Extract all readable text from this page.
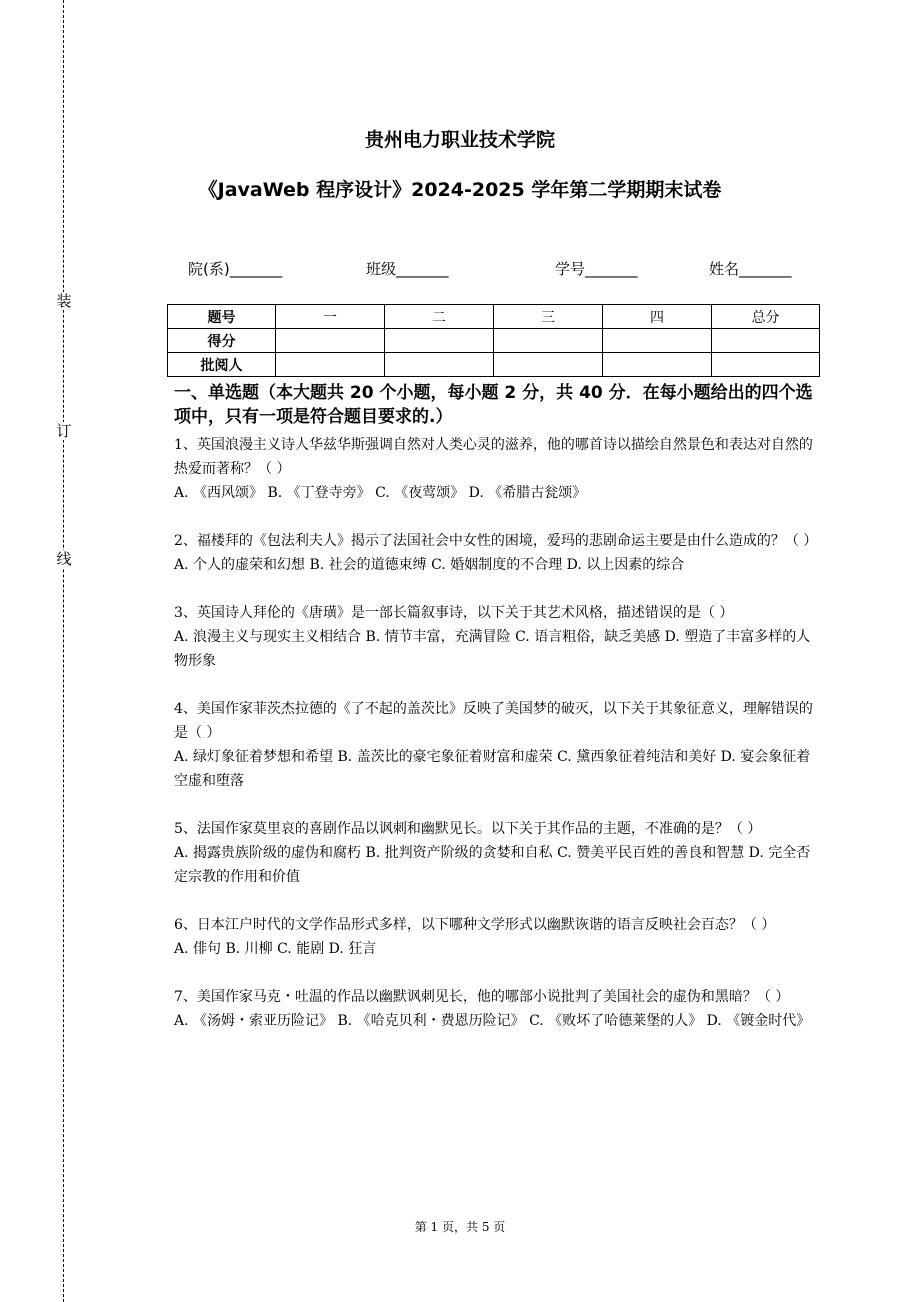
装
订
线
贵州电力职业技术学院
《JavaWeb 程序设计》2024-2025 学年第二学期期末试卷
院(系)_______	班级_______	学号_______	姓名_______
题号	一	二	三	四	总分
得分					
批阅人					

一、单选题（本大题共 20 个小题，每小题 2 分，共 40 分．在每小题给出的四个选项中，只有一项是符合题目要求的.）

1、英国浪漫主义诗人华兹华斯强调自然对人类心灵的滋养，他的哪首诗以描绘自然景色和表达对自然的热爱而著称？（ ）

A. 《西风颂》 B. 《丁登寺旁》 C. 《夜莺颂》 D. 《希腊古瓮颂》

2、福楼拜的《包法利夫人》揭示了法国社会中女性的困境，爱玛的悲剧命运主要是由什么造成的？（ ）

A. 个人的虚荣和幻想 B. 社会的道德束缚 C. 婚姻制度的不合理 D. 以上因素的综合

3、英国诗人拜伦的《唐璜》是一部长篇叙事诗，以下关于其艺术风格，描述错误的是（ ）

A. 浪漫主义与现实主义相结合 B. 情节丰富，充满冒险 C. 语言粗俗，缺乏美感 D. 塑造了丰富多样的人物形象

4、美国作家菲茨杰拉德的《了不起的盖茨比》反映了美国梦的破灭，以下关于其象征意义，理解错误的是（ ）

A. 绿灯象征着梦想和希望 B. 盖茨比的豪宅象征着财富和虚荣 C. 黛西象征着纯洁和美好 D. 宴会象征着空虚和堕落

5、法国作家莫里哀的喜剧作品以讽刺和幽默见长。以下关于其作品的主题，不准确的是？（ ）

A. 揭露贵族阶级的虚伪和腐朽 B. 批判资产阶级的贪婪和自私 C. 赞美平民百姓的善良和智慧 D. 完全否定宗教的作用和价值

6、日本江户时代的文学作品形式多样，以下哪种文学形式以幽默诙谐的语言反映社会百态？（ ）

A. 俳句 B. 川柳 C. 能剧 D. 狂言

7、美国作家马克・吐温的作品以幽默讽刺见长，他的哪部小说批判了美国社会的虚伪和黑暗？（ ）

A. 《汤姆・索亚历险记》 B. 《哈克贝利・费恩历险记》 C. 《败坏了哈德莱堡的人》 D. 《镀金时代》

第 1 页，共 5 页
